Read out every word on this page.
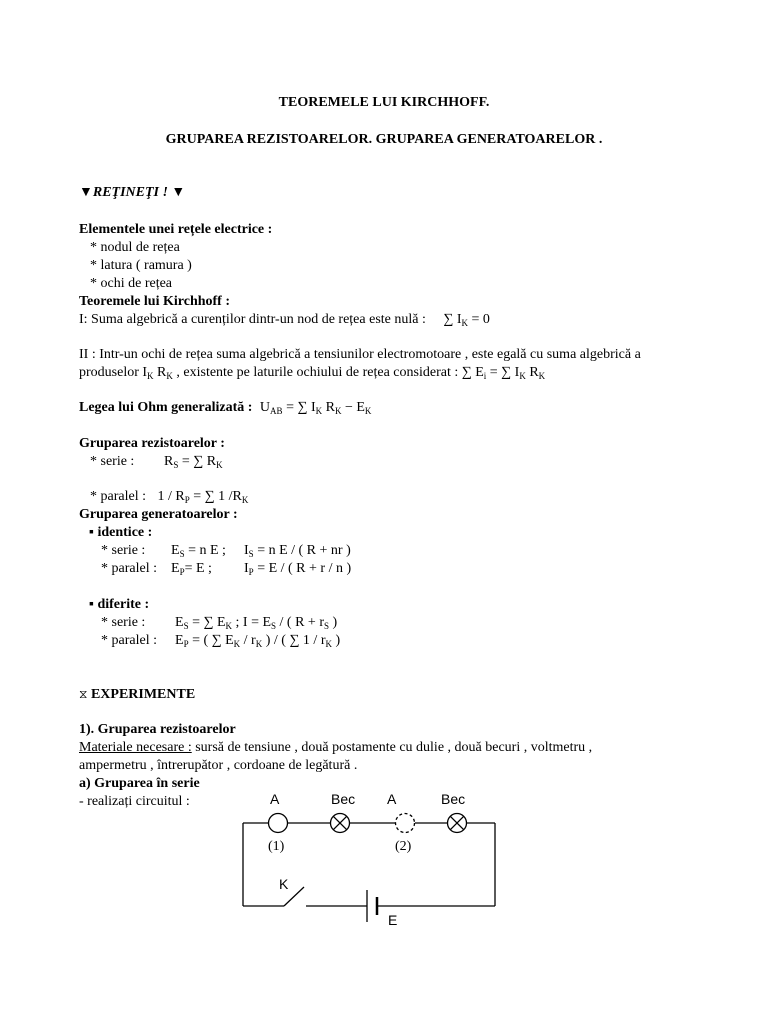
TEOREMELE LUI KIRCHHOFF.
GRUPAREA REZISTOARELOR. GRUPAREA GENERATOARELOR .
▼REŢINEŢI ! ▼
Elementele unei rețele electrice :
* nodul de rețea
* latura ( ramura )
* ochi de rețea
Teoremele lui Kirchhoff :
I: Suma algebrică a curenților dintr-un nod de rețea este nulă : ∑ $I_K = 0$
II : Intr-un ochi de rețea suma algebrică a tensiunilor electromotoare , este egală cu suma algebrică a
produselor $I_K$ $R_K$ , existente pe laturile ochiului de rețea considerat : ∑ $E_i$ = ∑ $I_K$ $R_K$
Legea lui Ohm generalizată : $U_{AB}$ = ∑ $I_K$ $R_K - E_K$
Gruparea rezistoarelor :
* serie : $R_S$ = ∑ $R_K$
* paralel : $1 / R_P$ = ∑ 1 $/R_K$
Gruparea generatoarelor :
▪ identice :
* serie : $E_S = n$ E ; $I_S = n$ E / ( R + nr )
* paralel : $E_P= E$ ; $I_P = E$ / ( R + r / n )
▪ diferite :
* serie : $E_S$ = ∑ $E_K$ ; $I = E_S$ / ( $R + r_S$ )
* paralel : $E_P$ = ( ∑ $E_K / r_K$ ) / ( ∑ $1 / r_K$ )
⧖ EXPERIMENTE
1). Gruparea rezistoarelor
Materiale necesare : sursă de tensiune , două postamente cu dulie , două becuri , voltmetru ,
ampermetru , întrerupător , cordoane de legătură .
a) Gruparea în serie
- realizați circuitul :	A	Bec A	Bec
(1)	(2)
K
E
